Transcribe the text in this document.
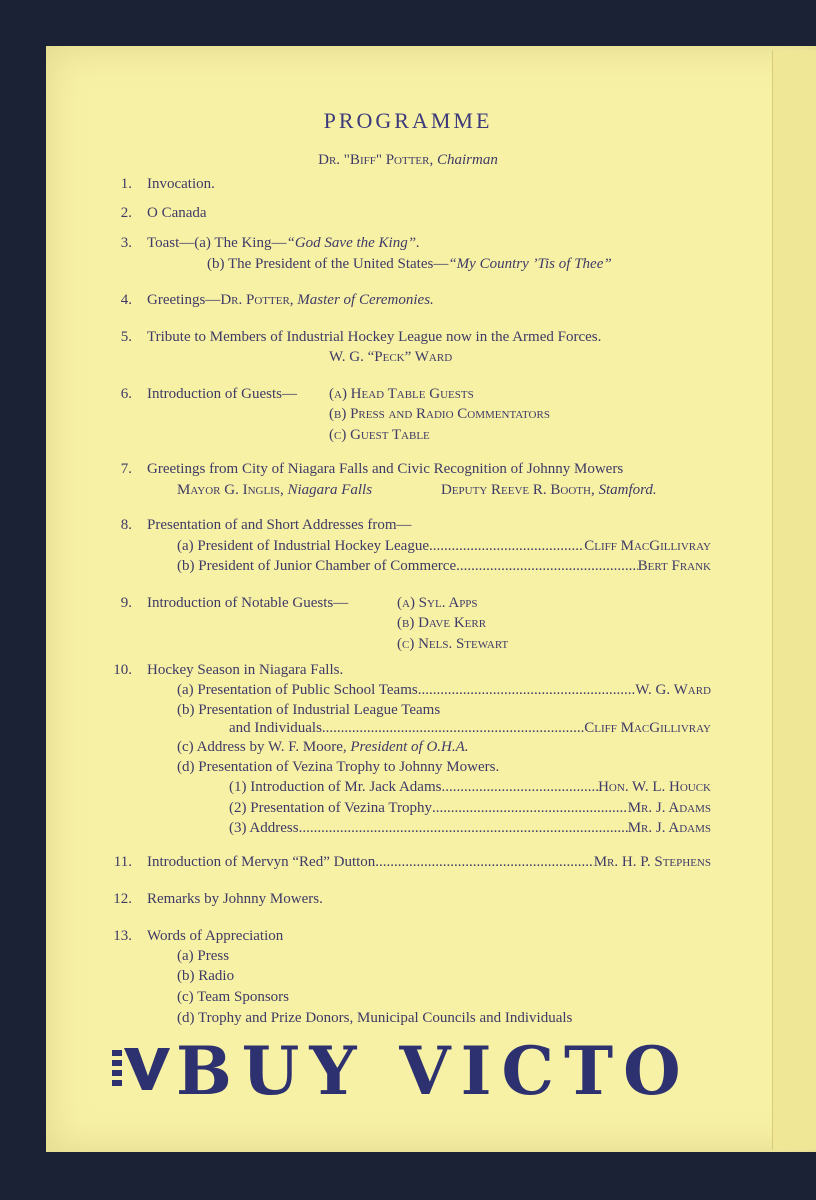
PROGRAMME
Dr. "Biff" Potter, Chairman
1. Invocation.
2. O Canada
3. Toast—(a) The King—“God Save the King”.
(b) The President of the United States—“My Country ’Tis of Thee”
4. Greetings—Dr. Potter, Master of Ceremonies.
5. Tribute to Members of Industrial Hockey League now in the Armed Forces.
W. G. “Peck” Ward
6. Introduction of Guests— (a) Head Table Guests
(b) Press and Radio Commentators
(c) Guest Table
7. Greetings from City of Niagara Falls and Civic Recognition of Johnny Mowers
Mayor G. Inglis, Niagara Falls	Deputy Reeve R. Booth, Stamford.
8. Presentation of and Short Addresses from—
(a) President of Industrial Hockey League .....	Cliff MacGillivray
(b) President of Junior Chamber of Commerce .....	Bert Frank
9. Introduction of Notable Guests—	(a) Syl. Apps
(b) Dave Kerr
(c) Nels. Stewart
10. Hockey Season in Niagara Falls.
(a) Presentation of Public School Teams .....	W. G. Ward
(b) Presentation of Industrial League Teams
and Individuals .....	Cliff MacGillivray
(c) Address by W. F. Moore, President of O.H.A.
(d) Presentation of Vezina Trophy to Johnny Mowers.
(1) Introduction of Mr. Jack Adams .....	Hon. W. L. Houck
(2) Presentation of Vezina Trophy .....	Mr. J. Adams
(3) Address .....	Mr. J. Adams
11. Introduction of Mervyn “Red” Dutton .....	Mr. H. P. Stephens
12. Remarks by Johnny Mowers.
13. Words of Appreciation
(a) Press
(b) Radio
(c) Team Sponsors
(d) Trophy and Prize Donors, Municipal Councils and Individuals
BUY VICTO
